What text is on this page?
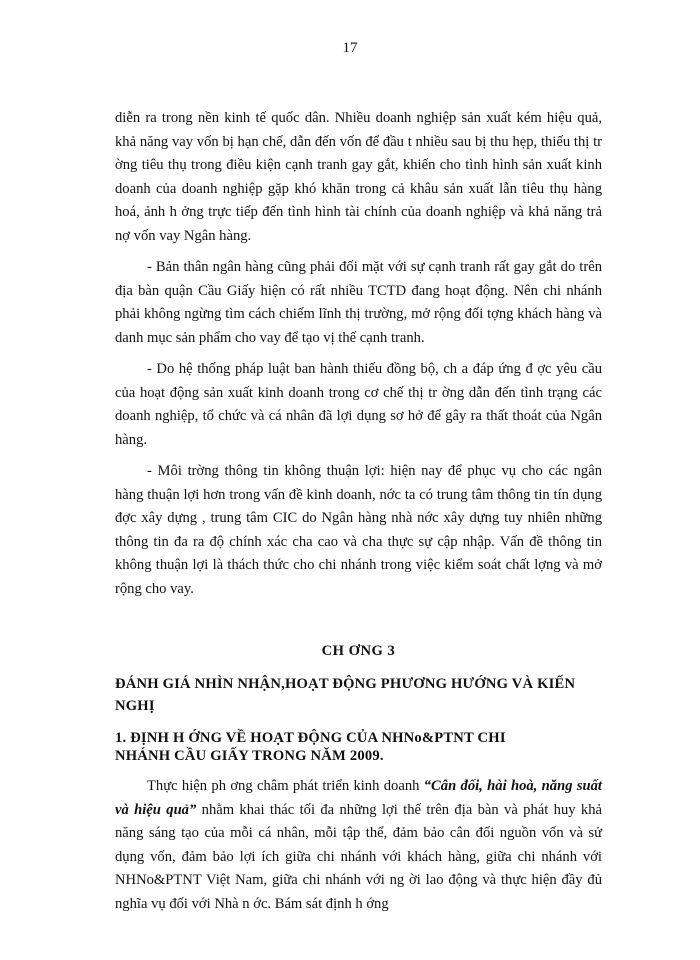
17

diễn ra trong nền kinh tế quốc dân. Nhiều doanh nghiệp sản xuất kém hiệu quả, khả năng vay vốn bị hạn chế, dẫn đến vốn để đầu t nhiều sau bị thu hẹp, thiếu thị tr ờng tiêu thụ trong điều kiện cạnh tranh gay gắt, khiến cho tình hình sản xuất kinh doanh của doanh nghiệp gặp khó khăn trong cả khâu sản xuất lẫn tiêu thụ hàng hoá, ảnh h ởng trực tiếp đến tình hình tài chính của doanh nghiệp và khả năng trả nợ vốn vay Ngân hàng.

- Bản thân ngân hàng cũng phải đối mặt với sự cạnh tranh rất gay gắt do trên địa bàn quận Cầu Giấy hiện có rất nhiều TCTD đang hoạt động. Nên chi nhánh phải không ngừng tìm cách chiếm lĩnh thị trường, mở rộng đối tợng khách hàng và danh mục sản phẩm cho vay để tạo vị thế cạnh tranh.

- Do hệ thống pháp luật ban hành thiếu đồng bộ, ch a đáp ứng đ ợc yêu cầu của hoạt động sản xuất kinh doanh trong cơ chế thị tr ờng dẫn đến tình trạng các doanh nghiệp, tổ chức và cá nhân đã lợi dụng sơ hở để gây ra thất thoát của Ngân hàng.

- Môi trờng thông tin không thuận lợi: hiện nay để phục vụ cho các ngân hàng thuận lợi hơn trong vấn đề kinh doanh, nớc ta có trung tâm thông tin tín dụng đợc xây dựng , trung tâm CIC do Ngân hàng nhà nớc xây dựng tuy nhiên những thông tin đa ra độ chính xác cha cao và cha thực sự cập nhập. Vấn đề thông tin không thuận lợi là thách thức cho chi nhánh trong việc kiểm soát chất lợng và mở rộng cho vay.

CH ƠNG 3
ĐÁNH GIÁ NHÌN NHẬN,HOẠT ĐỘNG PHƯƠNG HƯỚNG VÀ KIẾN NGHỊ
1. ĐỊNH H ỚNG VỀ HOẠT ĐỘNG CỦA NHNo&PTNT CHI
NHÁNH CẦU GIẤY TRONG NĂM 2009.

Thực hiện ph ơng châm phát triển kinh doanh “Cân đối, hài hoà, năng suất và hiệu quả” nhằm khai thác tối đa những lợi thế trên địa bàn và phát huy khả năng sáng tạo của mỗi cá nhân, mỗi tập thể, đảm bảo cân đối nguồn vốn và sử dụng vốn, đảm bảo lợi ích giữa chi nhánh với khách hàng, giữa chi nhánh với NHNo&PTNT Việt Nam, giữa chi nhánh với ng ời lao động và thực hiện đầy đủ nghĩa vụ đối với Nhà n ớc. Bám sát định h ớng
